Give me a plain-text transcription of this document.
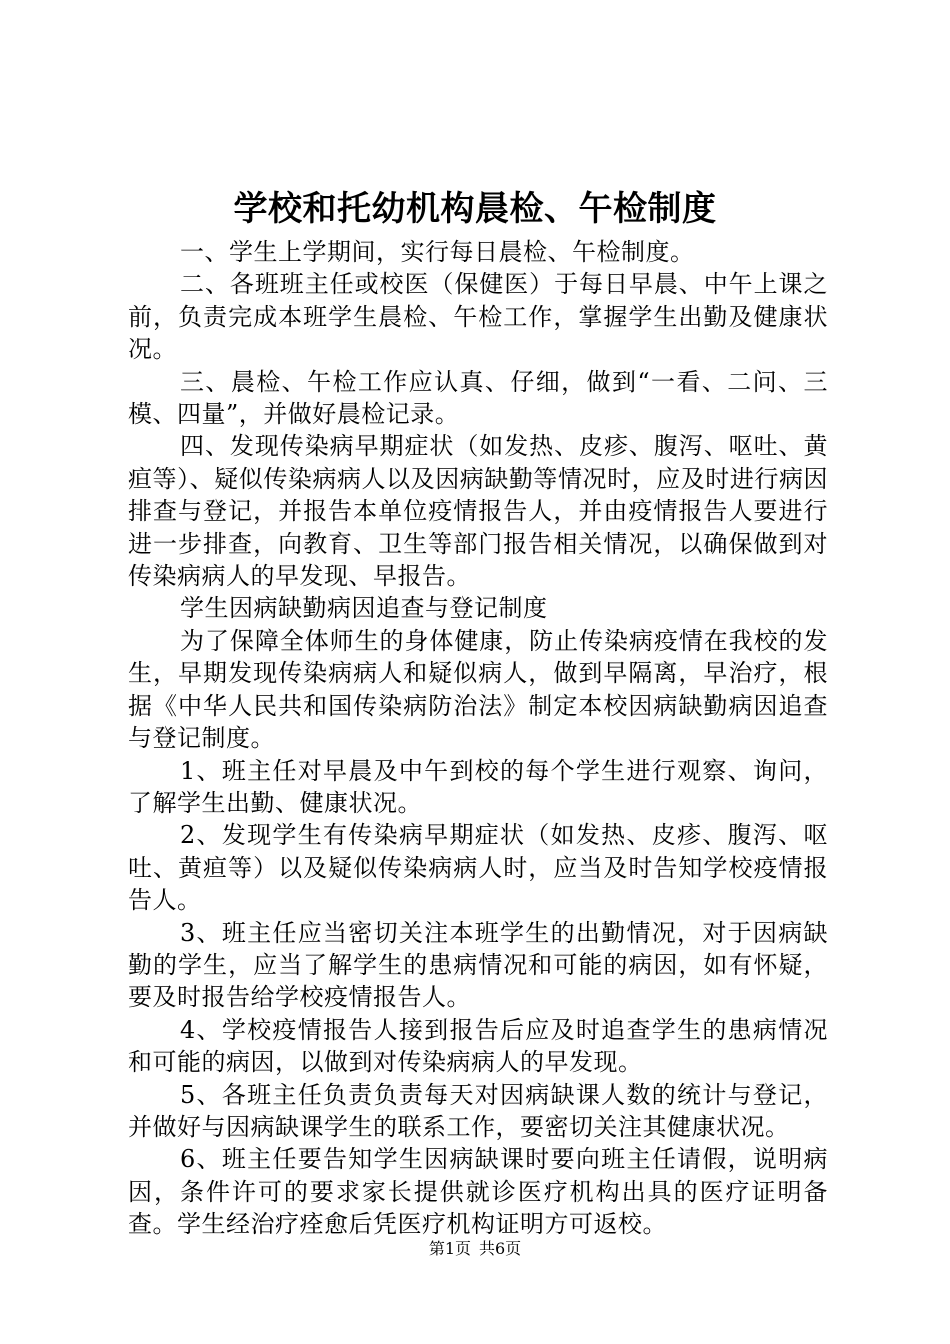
学校和托幼机构晨检、午检制度

一、学生上学期间，实行每日晨检、午检制度。

二、各班班主任或校医（保健医）于每日早晨、中午上课之前，负责完成本班学生晨检、午检工作，掌握学生出勤及健康状况。

三、晨检、午检工作应认真、仔细，做到“一看、二问、三模、四量”，并做好晨检记录。

四、发现传染病早期症状（如发热、皮疹、腹泻、呕吐、黄疸等）、疑似传染病病人以及因病缺勤等情况时，应及时进行病因排查与登记，并报告本单位疫情报告人，并由疫情报告人要进行进一步排查，向教育、卫生等部门报告相关情况，以确保做到对传染病病人的早发现、早报告。

学生因病缺勤病因追查与登记制度

为了保障全体师生的身体健康，防止传染病疫情在我校的发生，早期发现传染病病人和疑似病人，做到早隔离，早治疗，根据《中华人民共和国传染病防治法》制定本校因病缺勤病因追查与登记制度。

1、班主任对早晨及中午到校的每个学生进行观察、询问，了解学生出勤、健康状况。

2、发现学生有传染病早期症状（如发热、皮疹、腹泻、呕吐、黄疸等）以及疑似传染病病人时，应当及时告知学校疫情报告人。

3、班主任应当密切关注本班学生的出勤情况，对于因病缺勤的学生，应当了解学生的患病情况和可能的病因，如有怀疑，要及时报告给学校疫情报告人。

4、学校疫情报告人接到报告后应及时追查学生的患病情况和可能的病因，以做到对传染病病人的早发现。

5、各班主任负责负责每天对因病缺课人数的统计与登记，并做好与因病缺课学生的联系工作，要密切关注其健康状况。

6、班主任要告知学生因病缺课时要向班主任请假，说明病因，条件许可的要求家长提供就诊医疗机构出具的医疗证明备查。学生经治疗痊愈后凭医疗机构证明方可返校。

第1页 共6页
